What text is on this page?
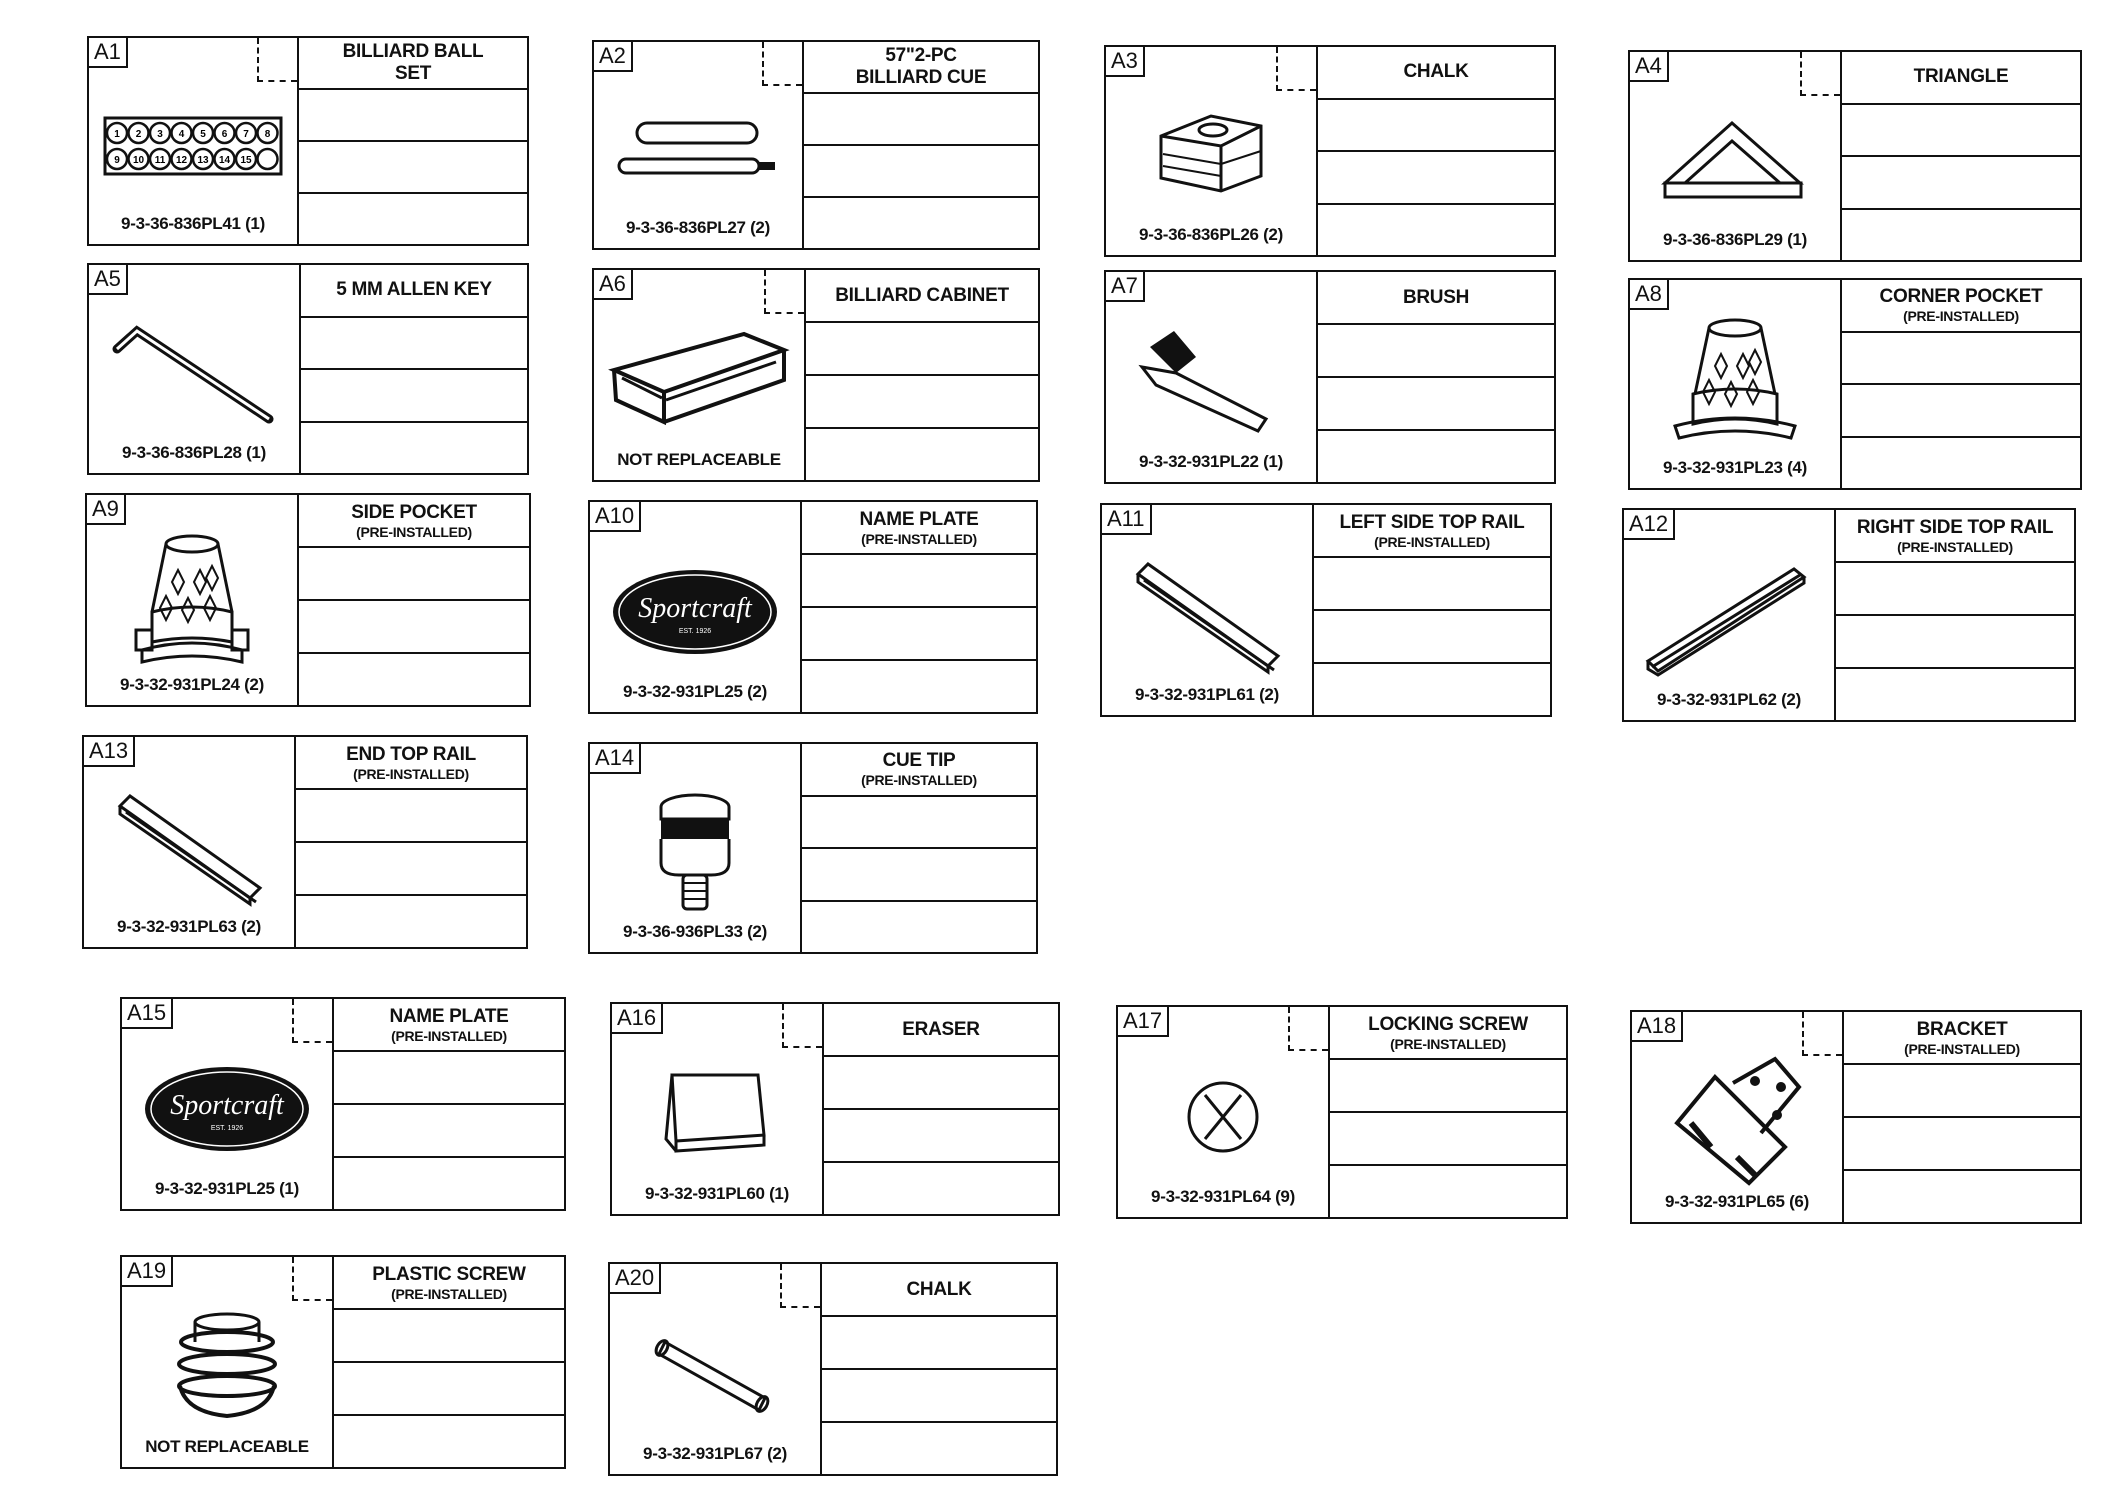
A1
1 2 3 4 5 6 7 8
9 10 11 12 13 14 15
9-3-36-836PL41 (1)
BILLIARD BALL
SET
A2
9-3-36-836PL27 (2)
57"2-PC
BILLIARD CUE
A3
9-3-36-836PL26 (2)
CHALK	A4
9-3-36-836PL29 (1)
TRIANGLE
A5
9-3-36-836PL28 (1)
5 MM ALLEN KEY	A6
NOT REPLACEABLE
BILLIARD CABINET	A7
9-3-32-931PL22 (1)
BRUSH	A8
9-3-32-931PL23 (4)
CORNER POCKET
(PRE-INSTALLED)
A9
9-3-32-931PL24 (2)
SIDE POCKET
(PRE-INSTALLED)
A10
Sportcraft
EST. 1926
9-3-32-931PL25 (2)
NAME PLATE
(PRE-INSTALLED)
A11
9-3-32-931PL61 (2)
LEFT SIDE TOP RAIL
(PRE-INSTALLED)
A12
9-3-32-931PL62 (2)
RIGHT SIDE TOP RAIL
(PRE-INSTALLED)
A13
9-3-32-931PL63 (2)
END TOP RAIL
(PRE-INSTALLED)
A14
9-3-36-936PL33 (2)
CUE TIP
(PRE-INSTALLED)
A15
Sportcraft
EST. 1926
9-3-32-931PL25 (1)
NAME PLATE
(PRE-INSTALLED)
A16
9-3-32-931PL60 (1)
ERASER	A17
9-3-32-931PL64 (9)
LOCKING SCREW
(PRE-INSTALLED)
A18
9-3-32-931PL65 (6)
BRACKET
(PRE-INSTALLED)
A19
NOT REPLACEABLE
PLASTIC SCREW
(PRE-INSTALLED)
A20
9-3-32-931PL67 (2)
CHALK
